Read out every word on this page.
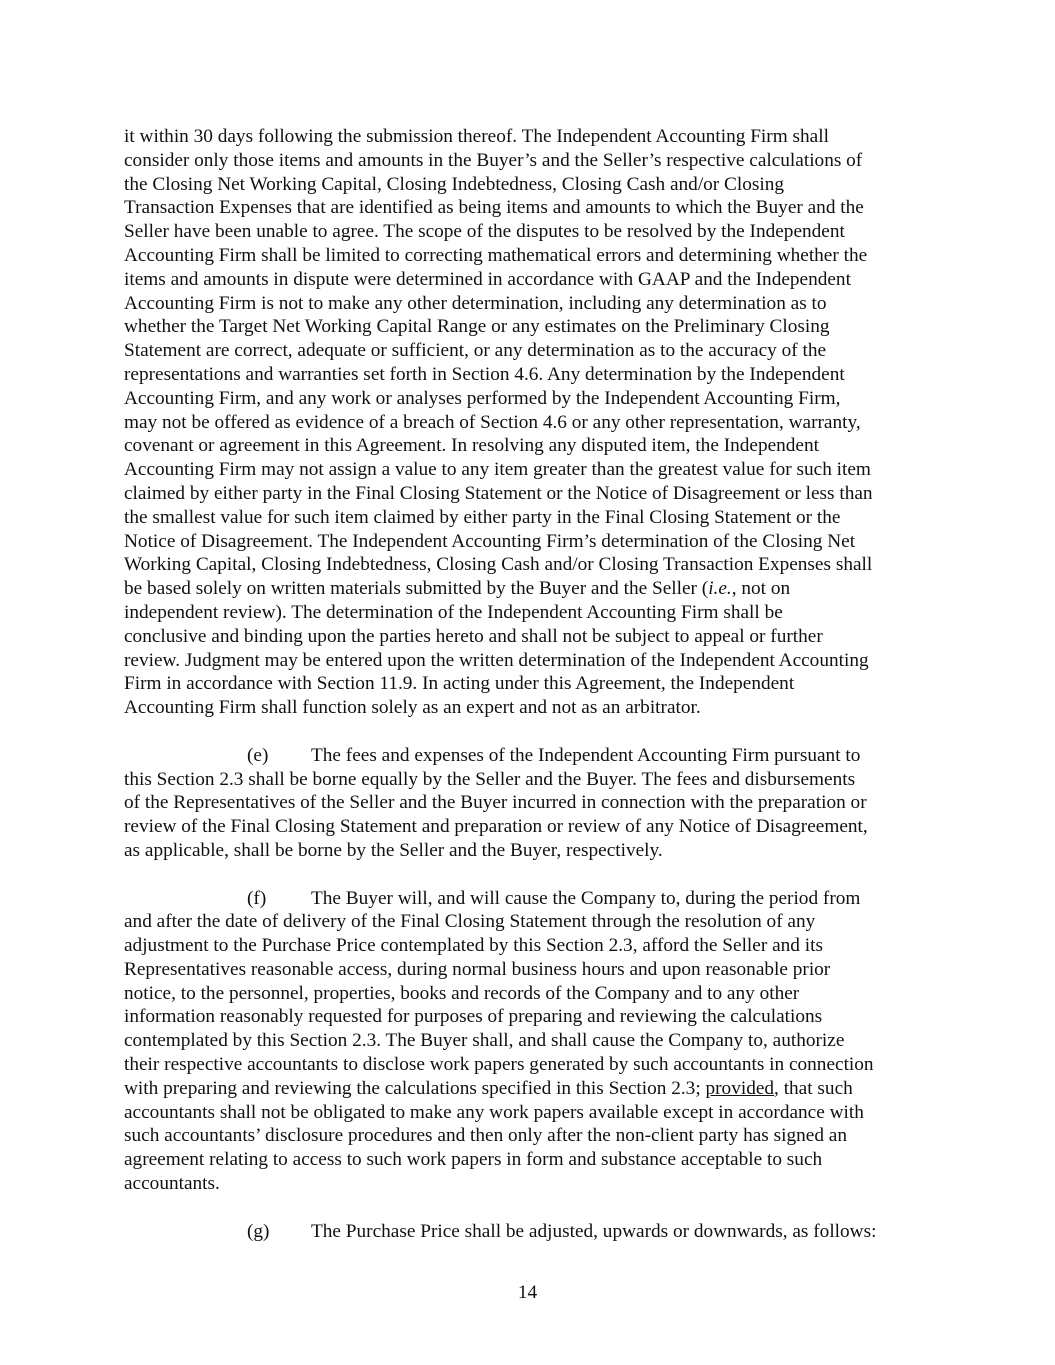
it within 30 days following the submission thereof. The Independent Accounting Firm shall
consider only those items and amounts in the Buyer’s and the Seller’s respective calculations of
the Closing Net Working Capital, Closing Indebtedness, Closing Cash and/or Closing
Transaction Expenses that are identified as being items and amounts to which the Buyer and the
Seller have been unable to agree. The scope of the disputes to be resolved by the Independent
Accounting Firm shall be limited to correcting mathematical errors and determining whether the
items and amounts in dispute were determined in accordance with GAAP and the Independent
Accounting Firm is not to make any other determination, including any determination as to
whether the Target Net Working Capital Range or any estimates on the Preliminary Closing
Statement are correct, adequate or sufficient, or any determination as to the accuracy of the
representations and warranties set forth in Section 4.6. Any determination by the Independent
Accounting Firm, and any work or analyses performed by the Independent Accounting Firm,
may not be offered as evidence of a breach of Section 4.6 or any other representation, warranty,
covenant or agreement in this Agreement. In resolving any disputed item, the Independent
Accounting Firm may not assign a value to any item greater than the greatest value for such item
claimed by either party in the Final Closing Statement or the Notice of Disagreement or less than
the smallest value for such item claimed by either party in the Final Closing Statement or the
Notice of Disagreement. The Independent Accounting Firm’s determination of the Closing Net
Working Capital, Closing Indebtedness, Closing Cash and/or Closing Transaction Expenses shall
be based solely on written materials submitted by the Buyer and the Seller (i.e., not on
independent review). The determination of the Independent Accounting Firm shall be
conclusive and binding upon the parties hereto and shall not be subject to appeal or further
review. Judgment may be entered upon the written determination of the Independent Accounting
Firm in accordance with Section 11.9. In acting under this Agreement, the Independent
Accounting Firm shall function solely as an expert and not as an arbitrator.
(e) The fees and expenses of the Independent Accounting Firm pursuant to
this Section 2.3 shall be borne equally by the Seller and the Buyer. The fees and disbursements
of the Representatives of the Seller and the Buyer incurred in connection with the preparation or
review of the Final Closing Statement and preparation or review of any Notice of Disagreement,
as applicable, shall be borne by the Seller and the Buyer, respectively.
(f) The Buyer will, and will cause the Company to, during the period from
and after the date of delivery of the Final Closing Statement through the resolution of any
adjustment to the Purchase Price contemplated by this Section 2.3, afford the Seller and its
Representatives reasonable access, during normal business hours and upon reasonable prior
notice, to the personnel, properties, books and records of the Company and to any other
information reasonably requested for purposes of preparing and reviewing the calculations
contemplated by this Section 2.3. The Buyer shall, and shall cause the Company to, authorize
their respective accountants to disclose work papers generated by such accountants in connection
with preparing and reviewing the calculations specified in this Section 2.3; provided, that such
accountants shall not be obligated to make any work papers available except in accordance with
such accountants’ disclosure procedures and then only after the non-client party has signed an
agreement relating to access to such work papers in form and substance acceptable to such
accountants.
(g) The Purchase Price shall be adjusted, upwards or downwards, as follows:
14
